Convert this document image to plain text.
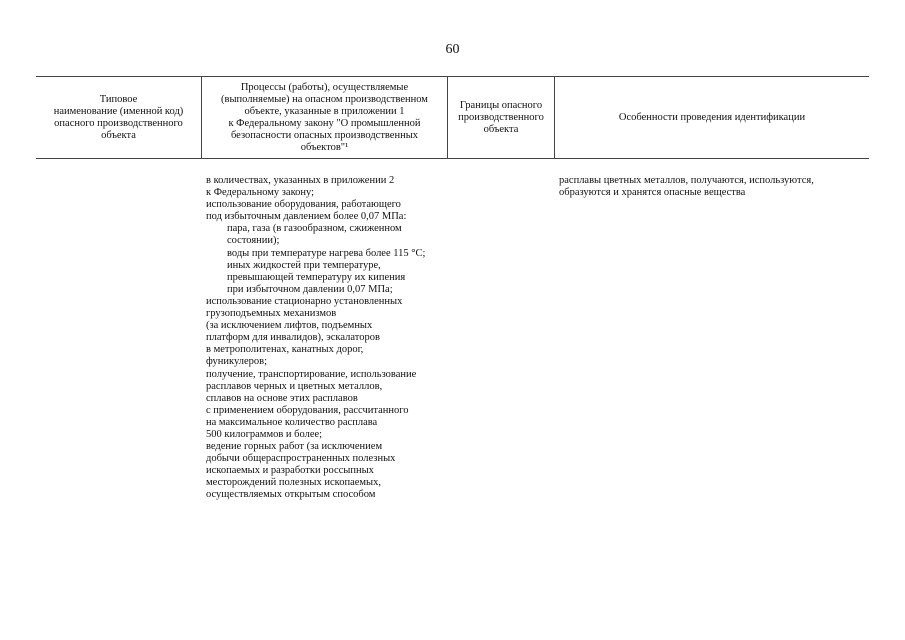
60
Типовое
наименование (именной код)
опасного производственного
объекта
Процессы (работы), осуществляемые
(выполняемые) на опасном производственном
объекте, указанные в приложении 1
к Федеральному закону "О промышленной
безопасности опасных производственных
объектов"¹
Границы опасного
производственного
объекта
Особенности проведения идентификации
в количествах, указанных в приложении 2
к Федеральному закону;
использование оборудования, работающего
под избыточным давлением более 0,07 МПа:
пара, газа (в газообразном, сжиженном
состоянии);
воды при температуре нагрева более 115 °С;
иных жидкостей при температуре,
превышающей температуру их кипения
при избыточном давлении 0,07 МПа;
использование стационарно установленных
грузоподъемных механизмов
(за исключением лифтов, подъемных
платформ для инвалидов), эскалаторов
в метрополитенах, канатных дорог,
фуникулеров;
получение, транспортирование, использование
расплавов черных и цветных металлов,
сплавов на основе этих расплавов
с применением оборудования, рассчитанного
на максимальное количество расплава
500 килограммов и более;
ведение горных работ (за исключением
добычи общераспространенных полезных
ископаемых и разработки россыпных
месторождений полезных ископаемых,
осуществляемых открытым способом
расплавы цветных металлов, получаются, используются,
образуются и хранятся опасные вещества
